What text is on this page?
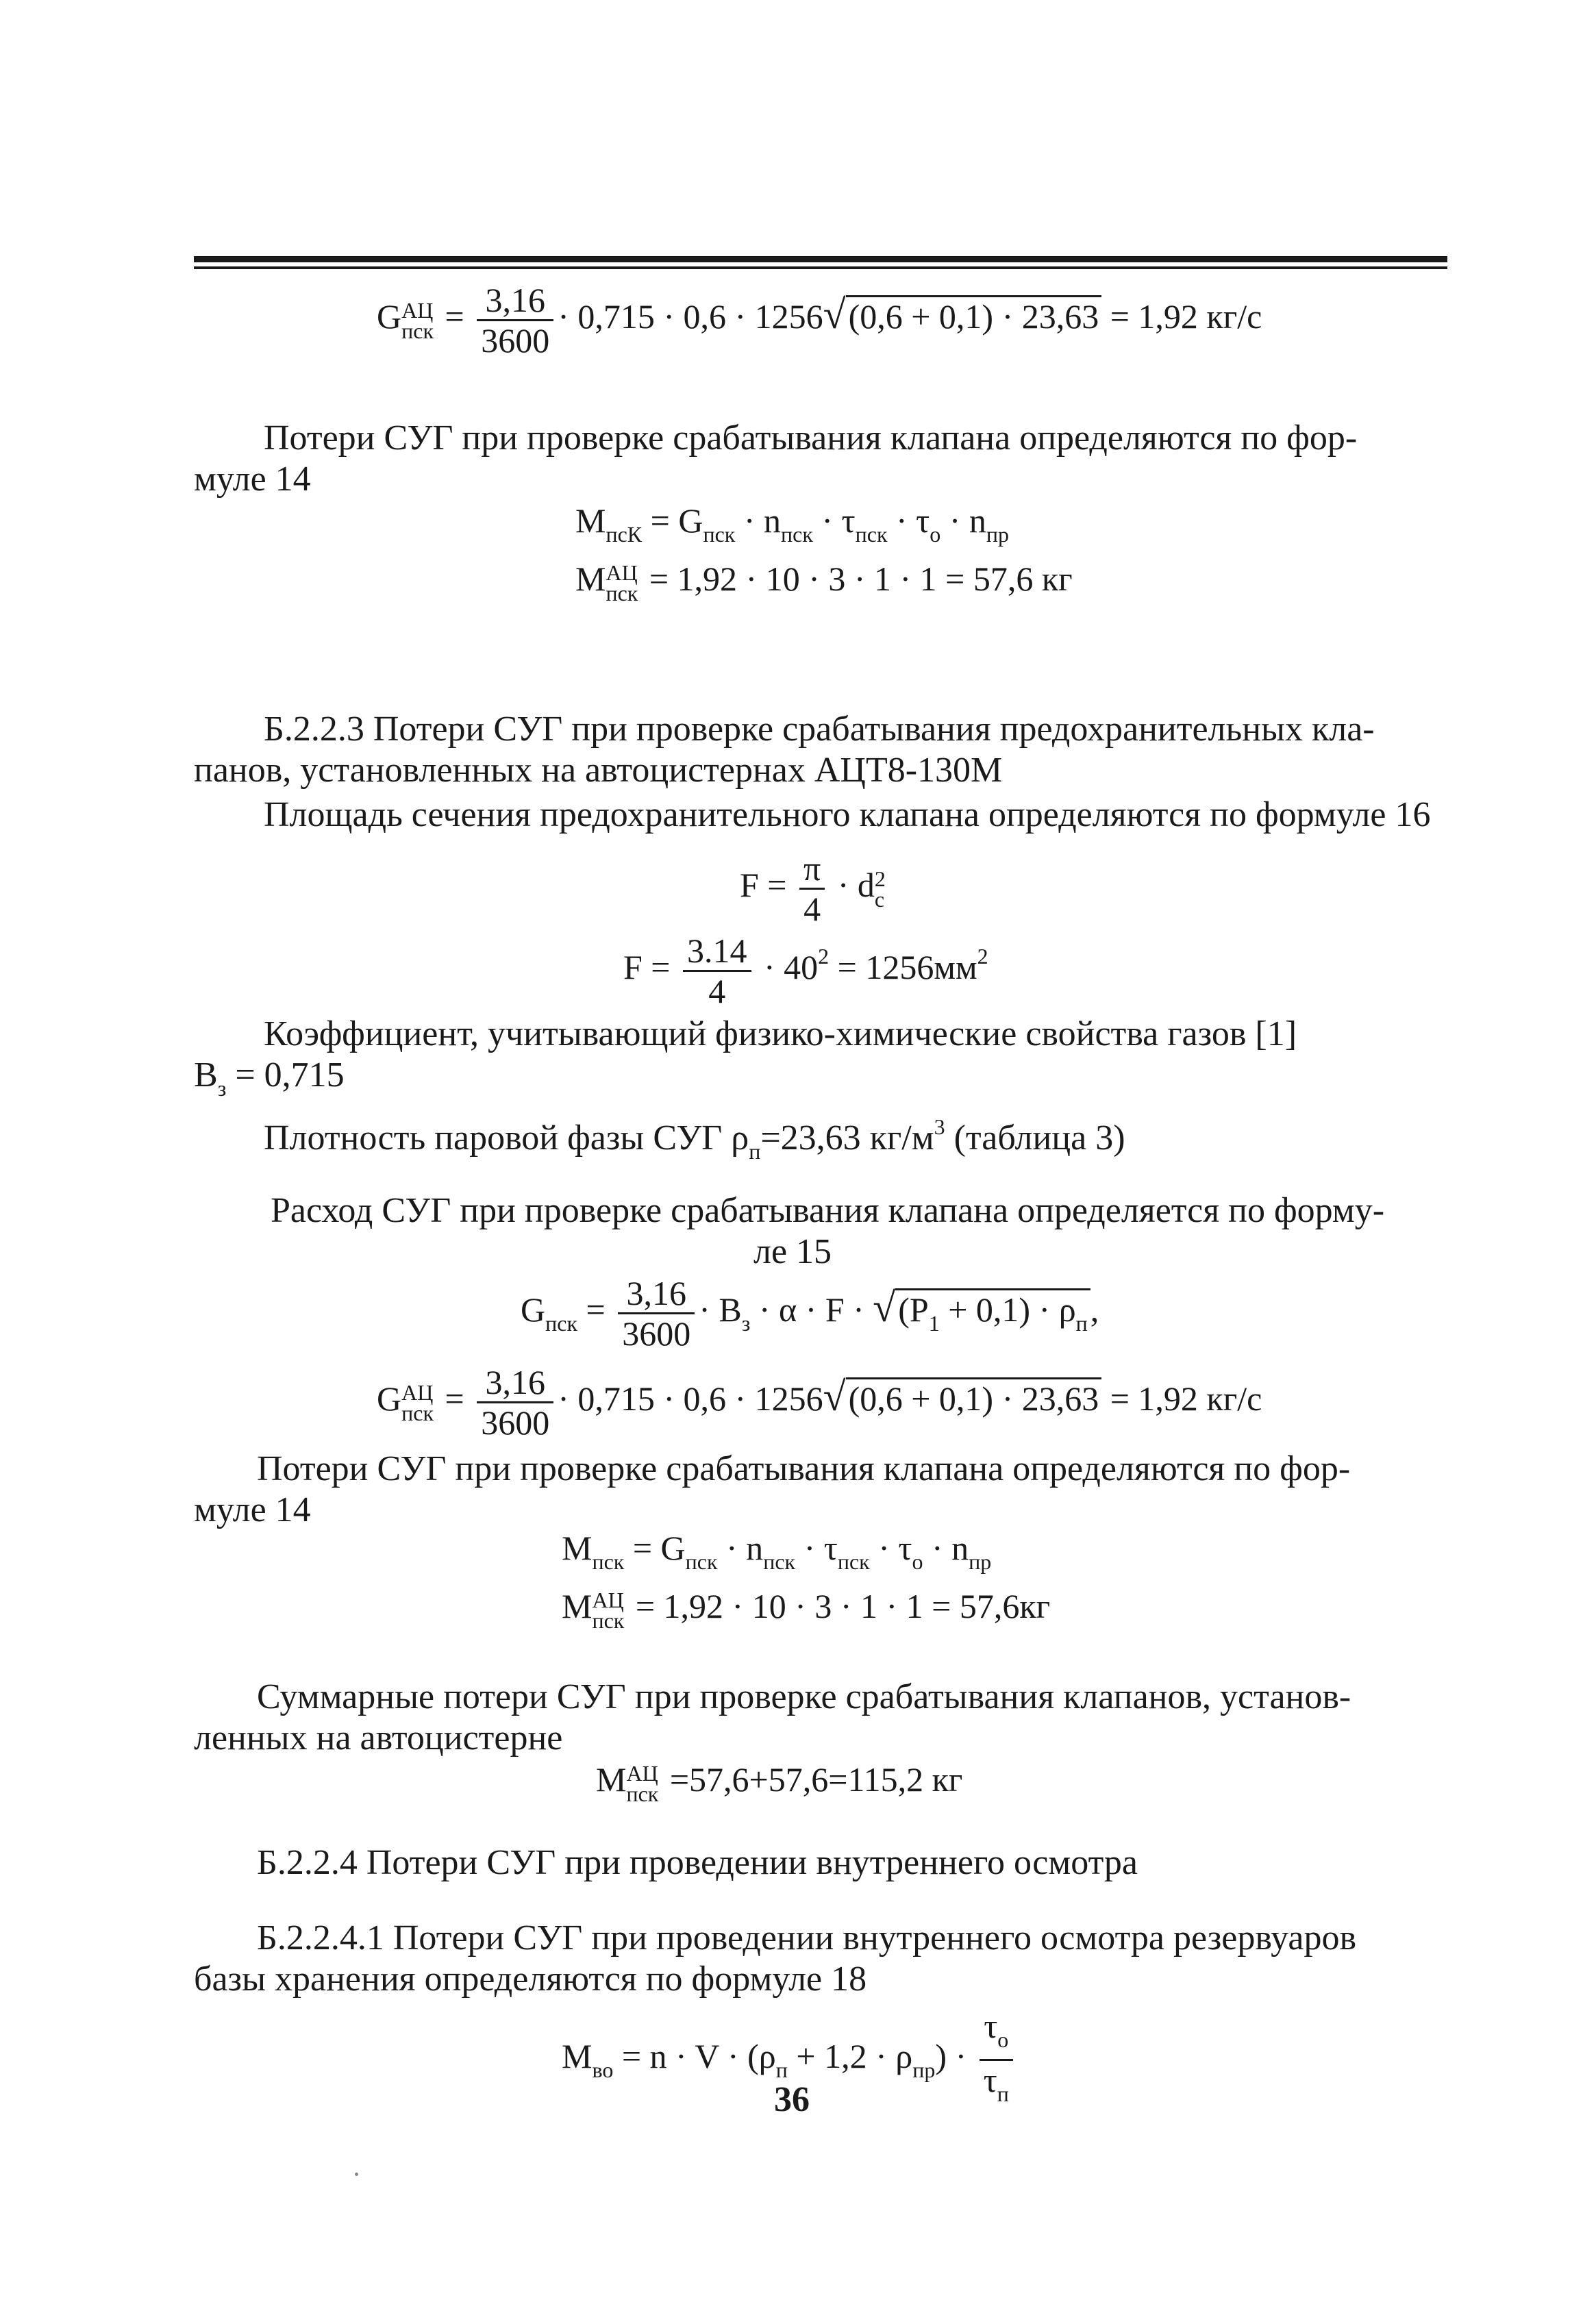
G АЦ
пск = $\frac{3,16}{3600} \cdot 0,715 \cdot 0,6 \cdot 1256√(0,6 + 0,1) \cdot 23,63 = 1,92$ кг/с
Потери СУГ при проверке срабатывания клапана определяются по фор-
муле 14
$M_{псК} = G_{пск} \cdot n_{пск} \cdot \tau_{пск} \cdot \tau_о \cdot n_{пр}$
M АЦ
пск = 1,92 · 10 · 3 · 1 · 1 = 57,6 кг
Б.2.2.3 Потери СУГ при проверке срабатывания предохранительных кла-
панов, установленных на автоцистернах АЦТ8-130М
Площадь сечения предохранительного клапана определяются по формуле 16
$F = \frac{\pi}{4} \cdot d$ 2
c
$F = \frac{3.14}{4} \cdot 40^2 = 1256мм^2$
Коэффициент, учитывающий физико-химические свойства газов [1]
$B_з = 0,715$
Плотность паровой фазы СУГ $\rho_п=23,63$ $кг/м^3$ (таблица 3)
Расход СУГ при проверке срабатывания клапана определяется по форму-
ле 15
$G_{пск} = \frac{3,16}{3600} \cdot B_з \cdot \alpha \cdot F \cdot √(P_1 + 0,1) \cdot \rho_п$,
G АЦ
пск = $\frac{3,16}{3600} \cdot 0,715 \cdot 0,6 \cdot 1256√(0,6 + 0,1) \cdot 23,63 = 1,92$ кг/с
Потери СУГ при проверке срабатывания клапана определяются по фор-
муле 14
$M_{пск} = G_{пск} \cdot n_{пск} \cdot \tau_{пск} \cdot \tau_о \cdot n_{пр}$
M АЦ
пск = 1,92 · 10 · 3 · 1 · 1 = 57,6кг
Суммарные потери СУГ при проверке срабатывания клапанов, установ-
ленных на автоцистерне
M АЦ
пск =57,6+57,6=115,2 кг
Б.2.2.4 Потери СУГ при проведении внутреннего осмотра
Б.2.2.4.1 Потери СУГ при проведении внутреннего осмотра резервуаров
базы хранения определяются по формуле 18
$M_{во} = n \cdot V \cdot (\rho_п + 1,2 \cdot \rho_{пр}) \cdot \frac{\tau_о}{\tau_п}$
36
